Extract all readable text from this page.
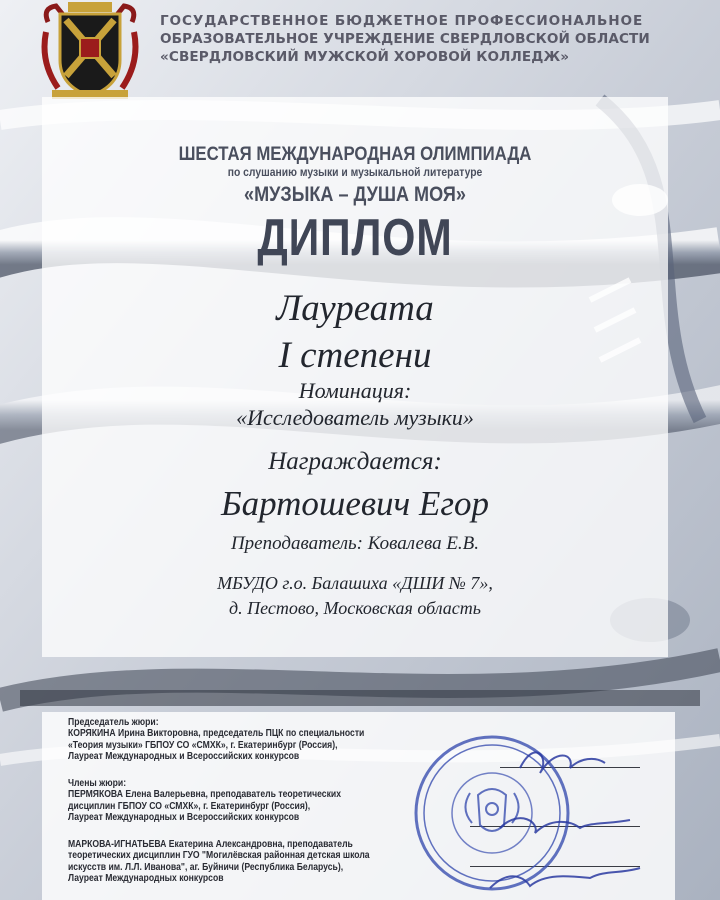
ГОСУДАРСТВЕННОЕ БЮДЖЕТНОЕ ПРОФЕССИОНАЛЬНОЕ
ОБРАЗОВАТЕЛЬНОЕ УЧРЕЖДЕНИЕ СВЕРДЛОВСКОЙ ОБЛАСТИ
«СВЕРДЛОВСКИЙ МУЖСКОЙ ХОРОВОЙ КОЛЛЕДЖ»
ШЕСТАЯ МЕЖДУНАРОДНАЯ ОЛИМПИАДА
по слушанию музыки и музыкальной литературе
«МУЗЫКА – ДУША МОЯ»
ДИПЛОМ
Лауреата
I степени
Номинация:
«Исследователь музыки»
Награждается:
Бартошевич Егор
Преподаватель: Ковалева Е.В.
МБУДО г.о. Балашиха «ДШИ № 7»,
д. Пестово, Московская область
Председатель жюри:
КОРЯКИНА Ирина Викторовна, председатель ПЦК по специальности
«Теория музыки» ГБПОУ СО «СМХК», г. Екатеринбург (Россия),
Лауреат Международных и Всероссийских конкурсов
Члены жюри:
ПЕРМЯКОВА Елена Валерьевна, преподаватель теоретических
дисциплин ГБПОУ СО «СМХК», г. Екатеринбург (Россия),
Лауреат Международных и Всероссийских конкурсов
МАРКОВА-ИГНАТЬЕВА Екатерина Александровна, преподаватель
теоретических дисциплин ГУО "Могилёвская районная детская школа
искусств им. Л.Л. Иванова", аг. Буйничи (Республика Беларусь),
Лауреат Международных конкурсов
